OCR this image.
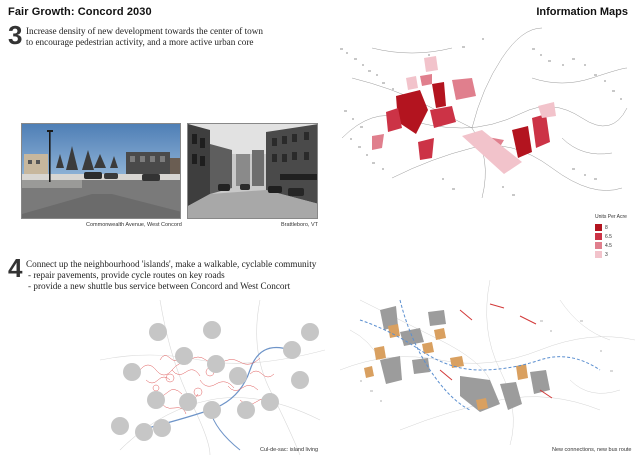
Fair Growth: Concord 2030	Information Maps
3 Increase density of new development towards the center of town
to encourage pedestrian activity, and a more active urban core
Commonwealth Avenue, West Concord	Brattleboro, VT
Units Per Acre
8
6.5
4.5
3
4 Connect up the neighbourhood 'islands', make a walkable, cyclable community
- repair pavements, provide cycle routes on key roads
- provide a new shuttle bus service between Concord and West Concort
Cul-de-sac: island living	New connections, new bus route
